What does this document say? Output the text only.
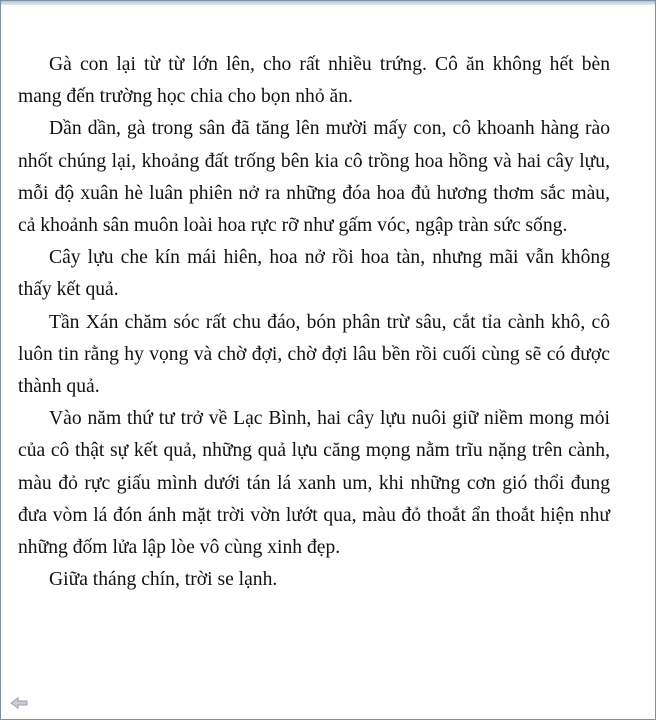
Gà con lại từ từ lớn lên, cho rất nhiều trứng. Cô ăn không hết bèn mang đến trường học chia cho bọn nhỏ ăn.

Dần dần, gà trong sân đã tăng lên mười mấy con, cô khoanh hàng rào nhốt chúng lại, khoảng đất trống bên kia cô trồng hoa hồng và hai cây lựu, mỗi độ xuân hè luân phiên nở ra những đóa hoa đủ hương thơm sắc màu, cả khoảnh sân muôn loài hoa rực rỡ như gấm vóc, ngập tràn sức sống.

Cây lựu che kín mái hiên, hoa nở rồi hoa tàn, nhưng mãi vẫn không thấy kết quả.

Tần Xán chăm sóc rất chu đáo, bón phân trừ sâu, cắt tỉa cành khô, cô luôn tin rằng hy vọng và chờ đợi, chờ đợi lâu bền rồi cuối cùng sẽ có được thành quả.

Vào năm thứ tư trở về Lạc Bình, hai cây lựu nuôi giữ niềm mong mỏi của cô thật sự kết quả, những quả lựu căng mọng nằm trĩu nặng trên cành, màu đỏ rực giấu mình dưới tán lá xanh um, khi những cơn gió thổi đung đưa vòm lá đón ánh mặt trời vờn lướt qua, màu đỏ thoắt ẩn thoắt hiện như những đốm lửa lập lòe vô cùng xinh đẹp.

Giữa tháng chín, trời se lạnh.
